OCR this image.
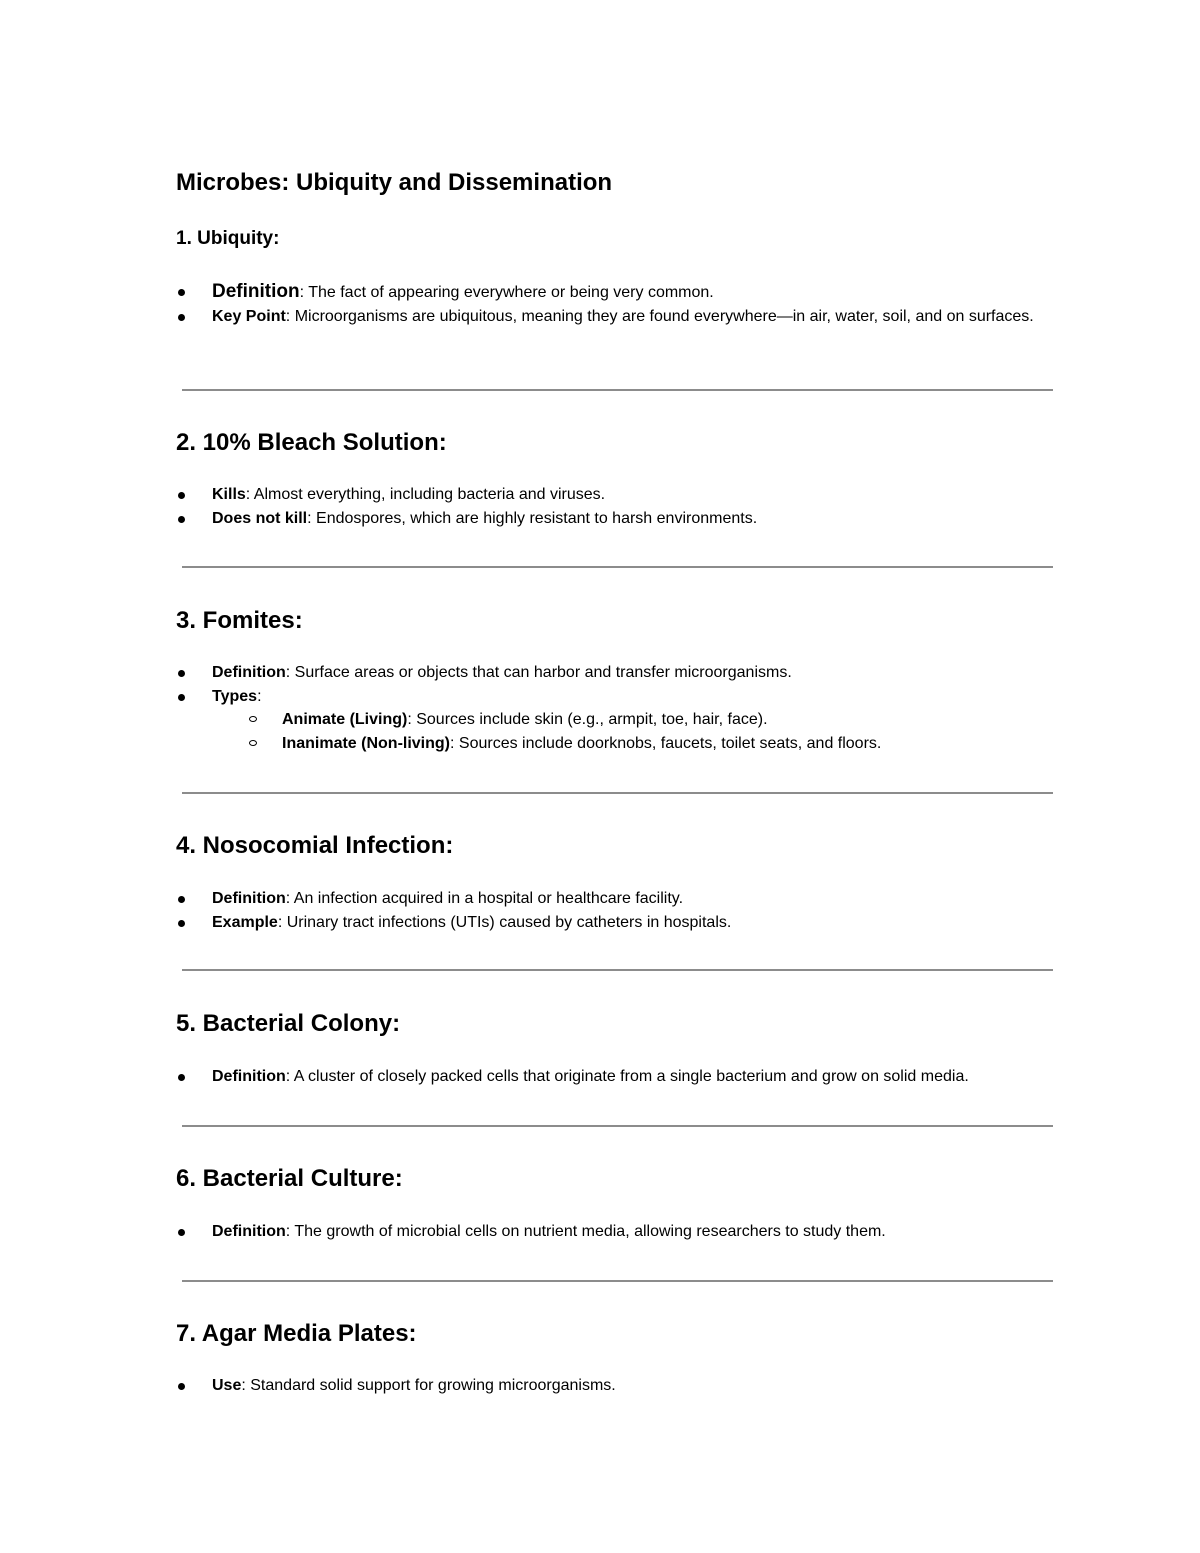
Microbes: Ubiquity and Dissemination
1. Ubiquity:
Definition: The fact of appearing everywhere or being very common.
Key Point: Microorganisms are ubiquitous, meaning they are found everywhere—in air, water, soil, and on surfaces.
2. 10% Bleach Solution:
Kills: Almost everything, including bacteria and viruses.
Does not kill: Endospores, which are highly resistant to harsh environments.
3. Fomites:
Definition: Surface areas or objects that can harbor and transfer microorganisms.
Types:
Animate (Living): Sources include skin (e.g., armpit, toe, hair, face).
Inanimate (Non-living): Sources include doorknobs, faucets, toilet seats, and floors.
4. Nosocomial Infection:
Definition: An infection acquired in a hospital or healthcare facility.
Example: Urinary tract infections (UTIs) caused by catheters in hospitals.
5. Bacterial Colony:
Definition: A cluster of closely packed cells that originate from a single bacterium and grow on solid media.
6. Bacterial Culture:
Definition: The growth of microbial cells on nutrient media, allowing researchers to study them.
7. Agar Media Plates:
Use: Standard solid support for growing microorganisms.
